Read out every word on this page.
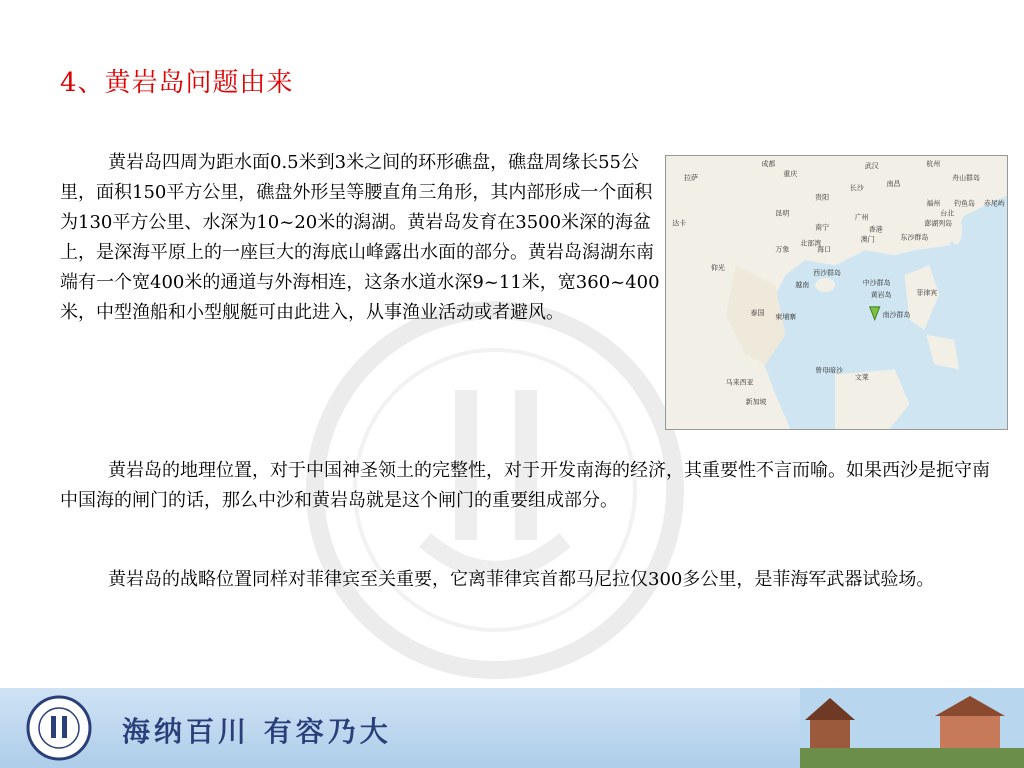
4、黄岩岛问题由来
黄岩岛四周为距水面0.5米到3米之间的环形礁盘，礁盘周缘长55公里，面积150平方公里，礁盘外形呈等腰直角三角形，其内部形成一个面积为130平方公里、水深为10~20米的潟湖。黄岩岛发育在3500米深的海盆上，是深海平原上的一座巨大的海底山峰露出水面的部分。黄岩岛潟湖东南端有一个宽400米的通道与外海相连，这条水道水深9~11米，宽360~400米，中型渔船和小型舰艇可由此进入，从事渔业活动或者避风。
成都
重庆
武汉	杭州
拉萨
长沙	南昌
舟山群岛
钓鱼岛 赤尾屿
福州
台北
昆明
贵阳
南宁
广州
香港
澳门
澎湖列岛
东沙群岛
达卡
海口
北部湾
西沙群岛
中沙群岛
黄岩岛
南沙群岛
万象
仰光
越南
泰国 柬埔寨
马来西亚
新加坡
文莱
曾母暗沙
菲律宾
黄岩岛的地理位置，对于中国神圣领土的完整性，对于开发南海的经济，其重要性不言而喻。如果西沙是扼守南中国海的闸门的话，那么中沙和黄岩岛就是这个闸门的重要组成部分。
黄岩岛的战略位置同样对菲律宾至关重要，它离菲律宾首都马尼拉仅300多公里，是菲海军武器试验场。
海纳百川 有容乃大
